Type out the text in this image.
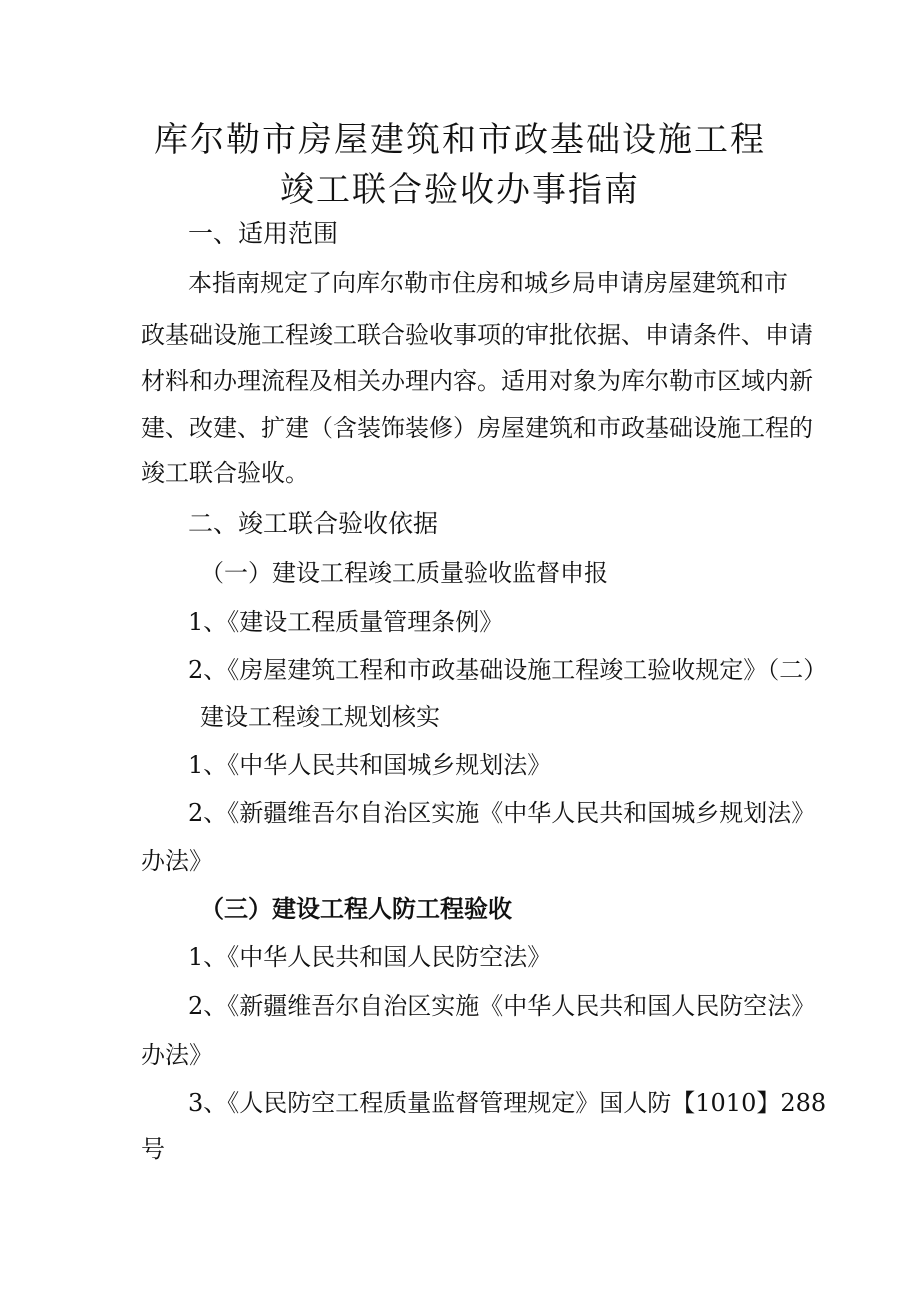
库尔勒市房屋建筑和市政基础设施工程
竣工联合验收办事指南
一、适用范围
本指南规定了向库尔勒市住房和城乡局申请房屋建筑和市
政基础设施工程竣工联合验收事项的审批依据、申请条件、申请
材料和办理流程及相关办理内容。适用对象为库尔勒市区域内新
建、改建、扩建（含装饰装修）房屋建筑和市政基础设施工程的
竣工联合验收。
二、竣工联合验收依据
（一）建设工程竣工质量验收监督申报
1、《建设工程质量管理条例》
2、《房屋建筑工程和市政基础设施工程竣工验收规定》（二）
建设工程竣工规划核实
1、《中华人民共和国城乡规划法》
2、《新疆维吾尔自治区实施《中华人民共和国城乡规划法》
办法》
（三）建设工程人防工程验收
1、《中华人民共和国人民防空法》
2、《新疆维吾尔自治区实施《中华人民共和国人民防空法》
办法》
3、《人民防空工程质量监督管理规定》国人防【1010】288
号
